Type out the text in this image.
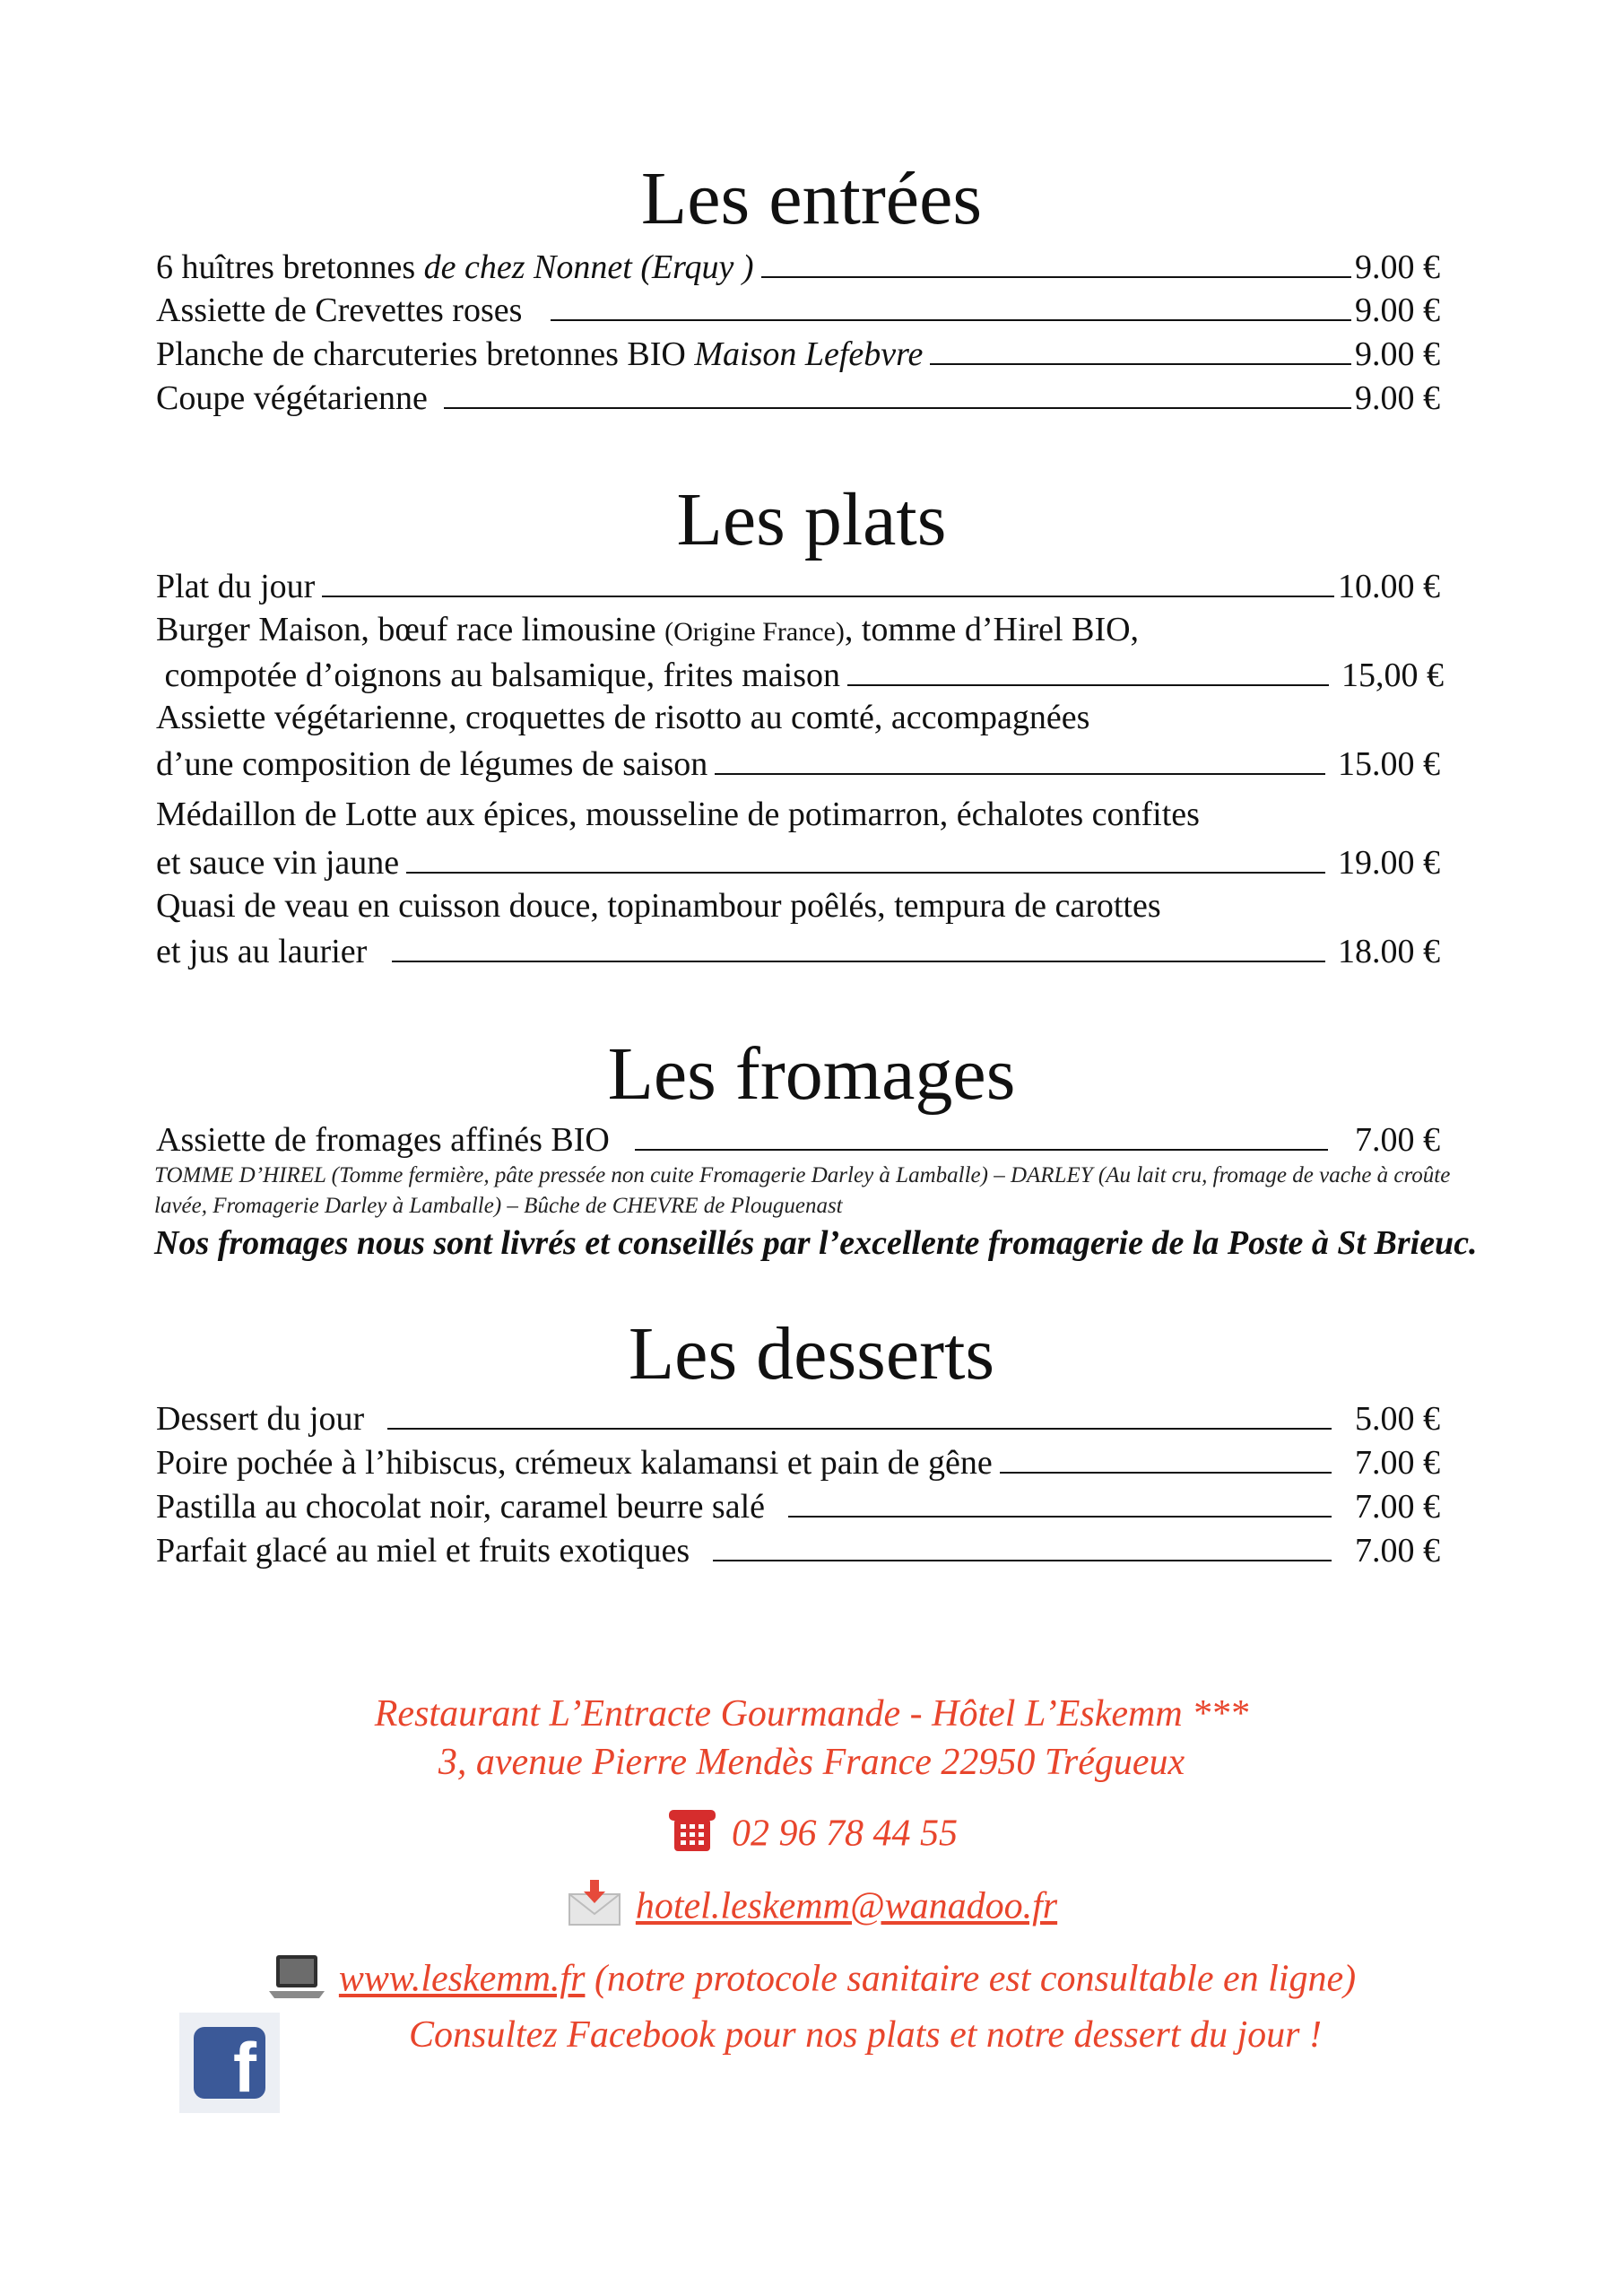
Les entrées
6 huîtres bretonnes de chez Nonnet (Erquy )	9.00 €
Assiette de Crevettes roses	9.00 €
Planche de charcuteries bretonnes BIO Maison Lefebvre	9.00 €
Coupe végétarienne	9.00 €
Les plats
Plat du jour	10.00 €
Burger Maison, bœuf race limousine (Origine France), tomme d’Hirel BIO,
compotée d’oignons au balsamique, frites maison	15,00 €
Assiette végétarienne, croquettes de risotto au comté, accompagnées
d’une composition de légumes de saison	15.00 €
Médaillon de Lotte aux épices, mousseline de potimarron, échalotes confites
et sauce vin jaune	19.00 €
Quasi de veau en cuisson douce, topinambour poêlés, tempura de carottes
et jus au laurier	18.00 €
Les fromages
Assiette de fromages affinés BIO	7.00 €
TOMME D’HIREL (Tomme fermière, pâte pressée non cuite Fromagerie Darley à Lamballe) – DARLEY (Au lait cru, fromage de vache à croûte lavée, Fromagerie Darley à Lamballe) – Bûche de CHEVRE de Plouguenast
Nos fromages nous sont livrés et conseillés par l’excellente fromagerie de la Poste à St Brieuc.
Les desserts
Dessert du jour	5.00 €
Poire pochée à l’hibiscus, crémeux kalamansi et pain de gêne	7.00 €
Pastilla au chocolat noir, caramel beurre salé	7.00 €
Parfait glacé au miel et fruits exotiques	7.00 €
Restaurant L’Entracte Gourmande - Hôtel L’Eskemm ***
3, avenue Pierre Mendès France 22950 Trégueux
02 96 78 44 55
hotel.leskemm@wanadoo.fr
www.leskemm.fr (notre protocole sanitaire est consultable en ligne)
f	Consultez Facebook pour nos plats et notre dessert du jour !
